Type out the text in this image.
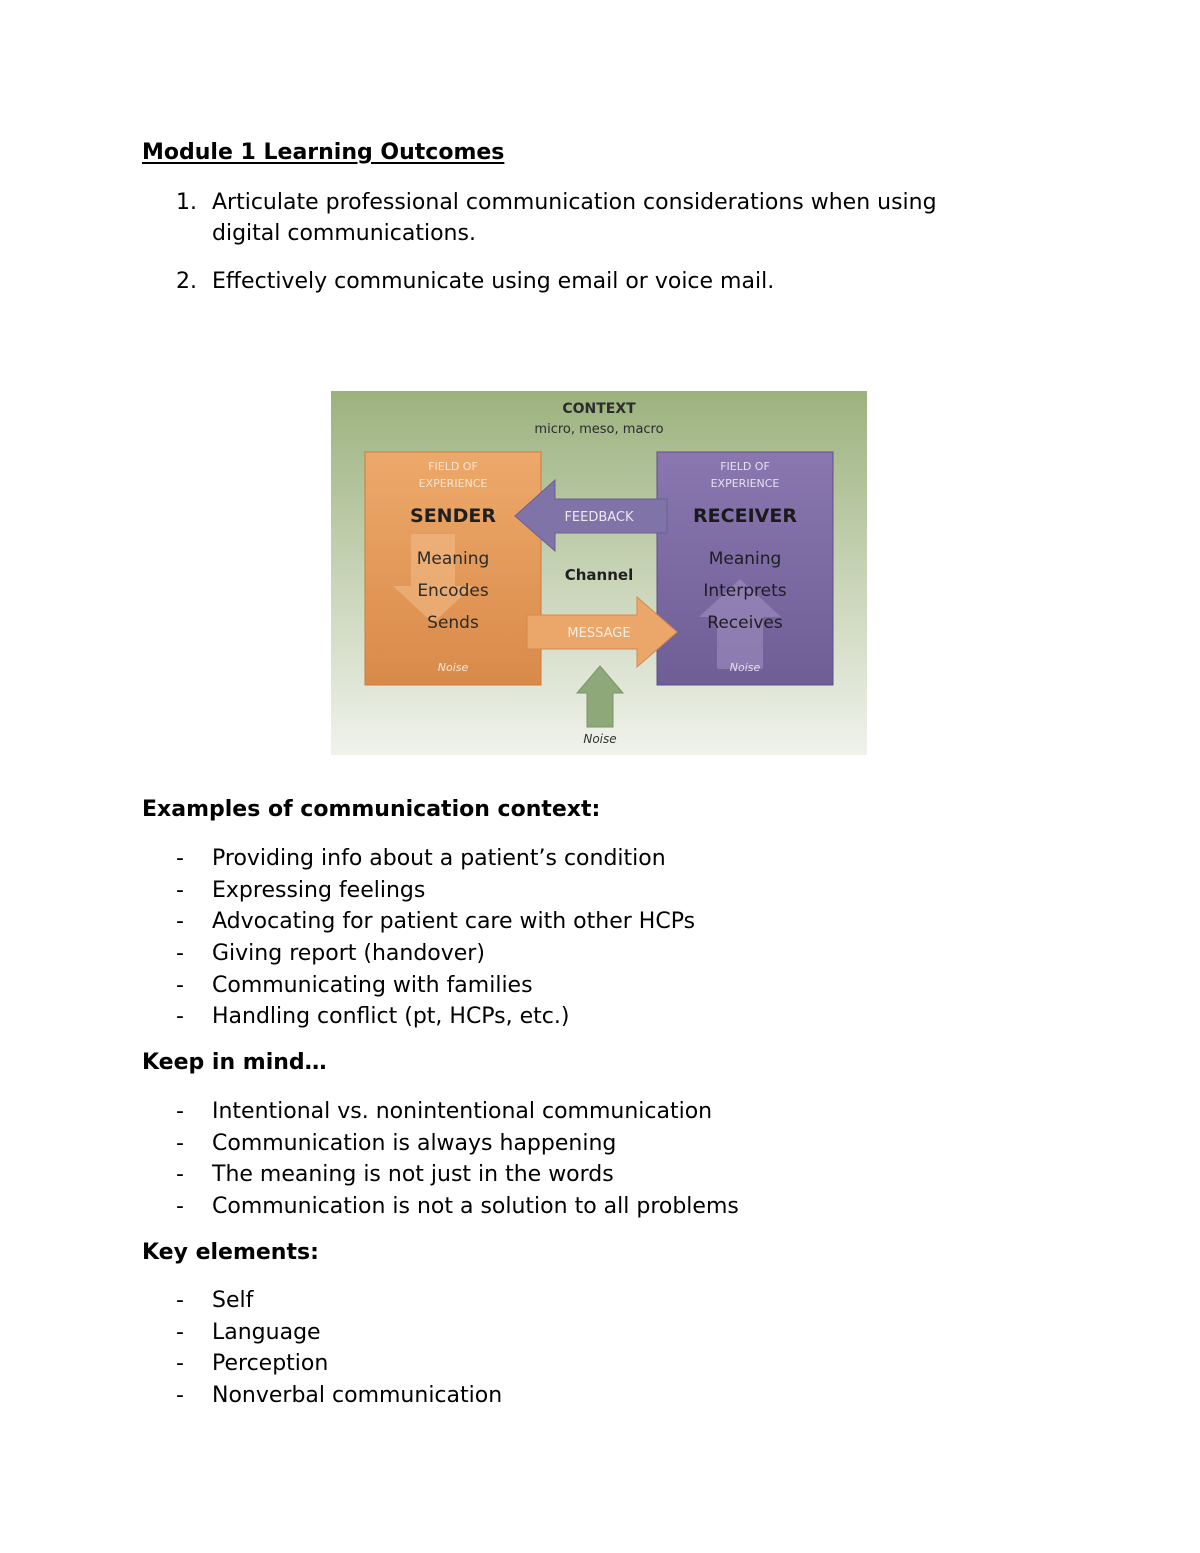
Module 1 Learning Outcomes
1. Articulate professional communication considerations when using
digital communications.
2. Effectively communicate using email or voice mail.
CONTEXT
micro, meso, macro
FIELD OF
EXPERIENCE
SENDER
Meaning
Encodes
Sends
Noise
FIELD OF
EXPERIENCE
RECEIVER
Meaning
Interprets
Receives
Noise
FEEDBACK
Channel
MESSAGE
Noise
Examples of communication context:
- Providing info about a patient’s condition
- Expressing feelings
- Advocating for patient care with other HCPs
- Giving report (handover)
- Communicating with families
- Handling conflict (pt, HCPs, etc.)
Keep in mind…
- Intentional vs. nonintentional communication
- Communication is always happening
- The meaning is not just in the words
- Communication is not a solution to all problems
Key elements:
- Self
- Language
- Perception
- Nonverbal communication
